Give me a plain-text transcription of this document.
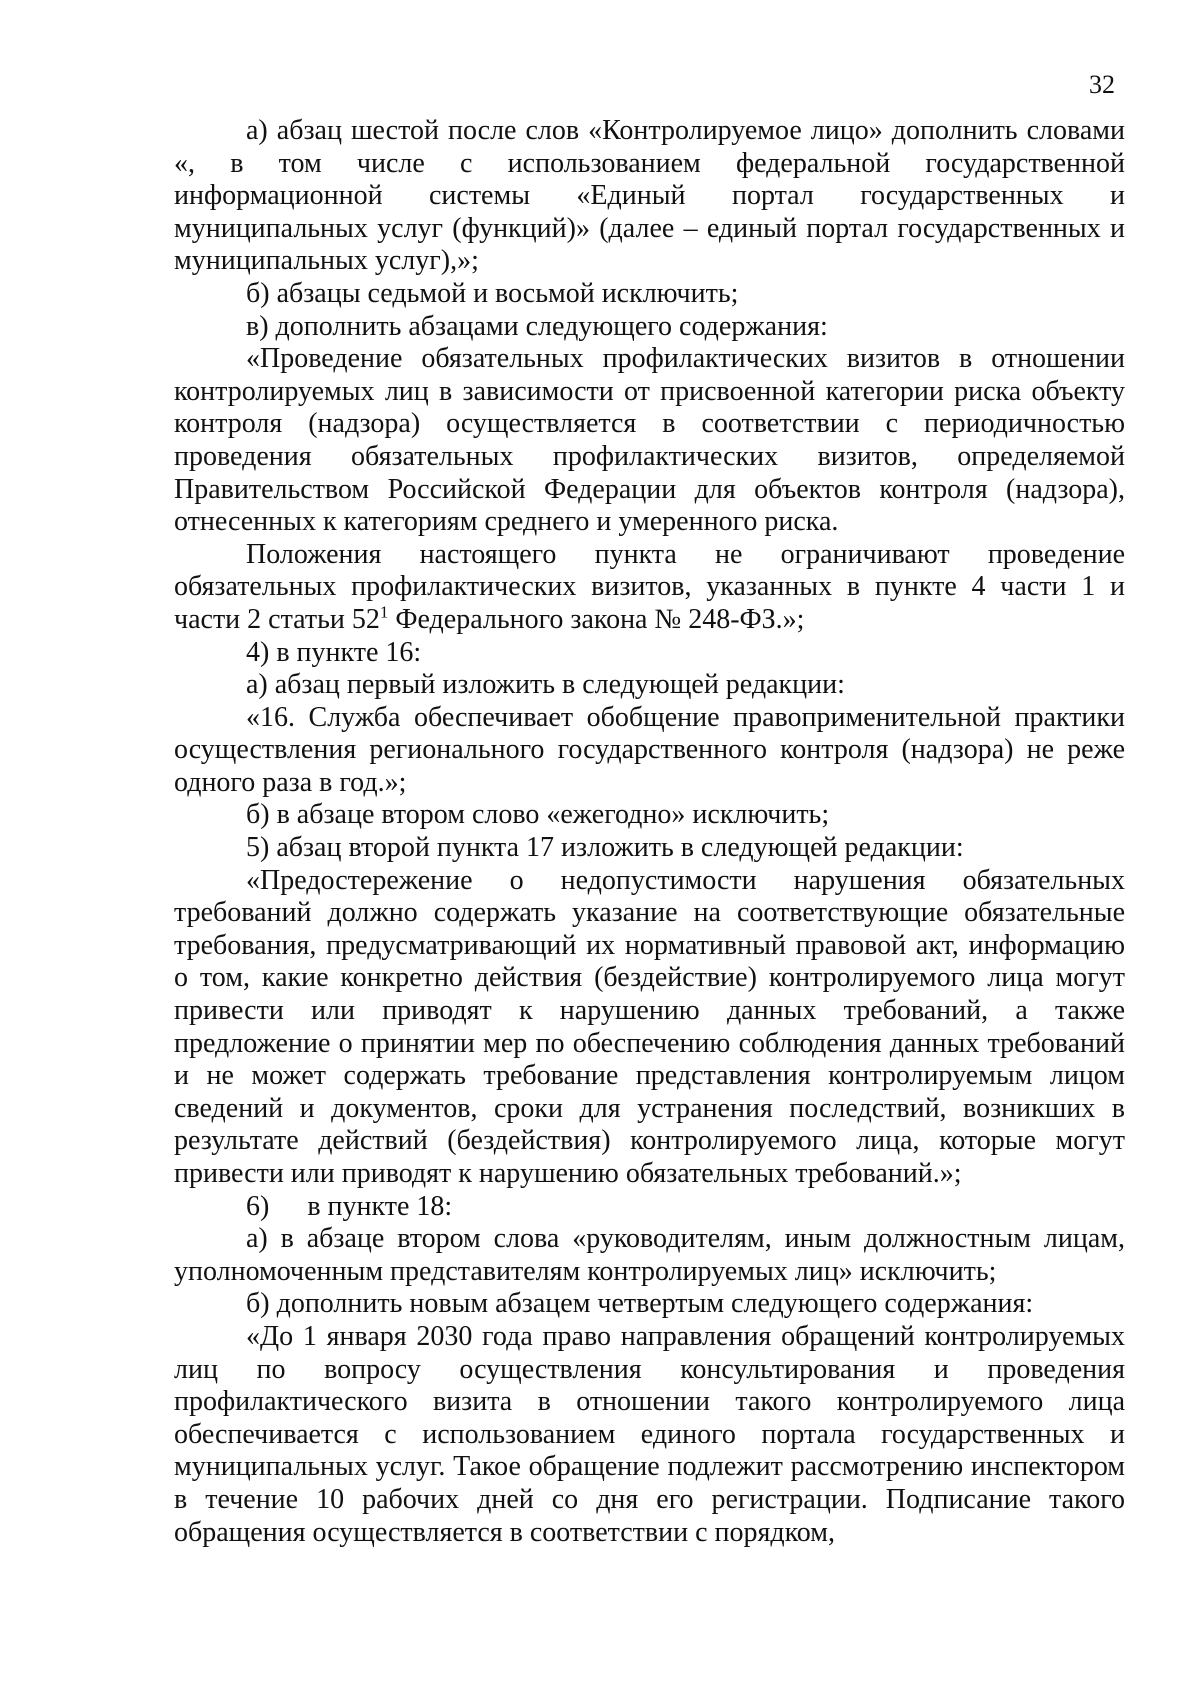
32

а) абзац шестой после слов «Контролируемое лицо» дополнить словами «, в том числе с использованием федеральной государственной информационной системы «Единый портал государственных и муниципальных услуг (функций)» (далее – единый портал государственных и муниципальных услуг),»;

б) абзацы седьмой и восьмой исключить;

в) дополнить абзацами следующего содержания:

«Проведение обязательных профилактических визитов в отношении контролируемых лиц в зависимости от присвоенной категории риска объекту контроля (надзора) осуществляется в соответствии с периодичностью проведения обязательных профилактических визитов, определяемой Правительством Российской Федерации для объектов контроля (надзора), отнесенных к категориям среднего и умеренного риска.

Положения настоящего пункта не ограничивают проведение обязательных профилактических визитов, указанных в пункте 4 части 1 и части 2 статьи $52^1$ Федерального закона № 248-ФЗ.»;

4) в пункте 16:

а) абзац первый изложить в следующей редакции:

«16. Служба обеспечивает обобщение правоприменительной практики осуществления регионального государственного контроля (надзора) не реже одного раза в год.»;

б) в абзаце втором слово «ежегодно» исключить;

5) абзац второй пункта 17 изложить в следующей редакции:

«Предостережение о недопустимости нарушения обязательных требований должно содержать указание на соответствующие обязательные требования, предусматривающий их нормативный правовой акт, информацию о том, какие конкретно действия (бездействие) контролируемого лица могут привести или приводят к нарушению данных требований, а также предложение о принятии мер по обеспечению соблюдения данных требований и не может содержать требование представления контролируемым лицом сведений и документов, сроки для устранения последствий, возникших в результате действий (бездействия) контролируемого лица, которые могут привести или приводят к нарушению обязательных требований.»;

6) в пункте 18:

а) в абзаце втором слова «руководителям, иным должностным лицам, уполномоченным представителям контролируемых лиц» исключить;

б) дополнить новым абзацем четвертым следующего содержания:

«До 1 января 2030 года право направления обращений контролируемых лиц по вопросу осуществления консультирования и проведения профилактического визита в отношении такого контролируемого лица обеспечивается с использованием единого портала государственных и муниципальных услуг. Такое обращение подлежит рассмотрению инспектором в течение 10 рабочих дней со дня его регистрации. Подписание такого обращения осуществляется в соответствии с порядком,
